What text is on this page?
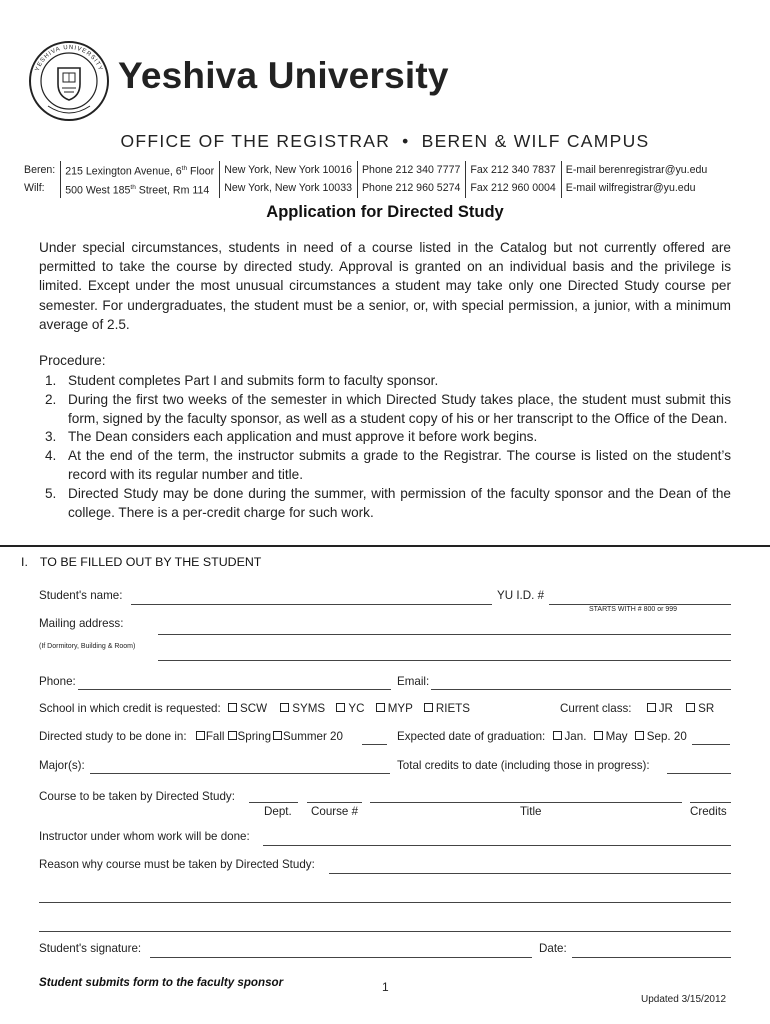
YESHIVA UNIVERSITY Yeshiva University
OFFICE OF THE REGISTRAR • BEREN & WILF CAMPUS
Beren:	215 Lexington Avenue, 6th Floor	New York, New York 10016	Phone 212 340 7777	Fax 212 340 7837	E-mail berenregistrar@yu.edu
Wilf:	500 West 185th Street, Rm 114	New York, New York 10033	Phone 212 960 5274	Fax 212 960 0004	E-mail wilfregistrar@yu.edu
Application for Directed Study
Under special circumstances, students in need of a course listed in the Catalog but not currently offered are permitted to take the course by directed study. Approval is granted on an individual basis and the privilege is limited. Except under the most unusual circumstances a student may take only one Directed Study course per semester. For undergraduates, the student must be a senior, or, with special permission, a junior, with a minimum average of 2.5.
Procedure:
1. Student completes Part I and submits form to faculty sponsor.
2. During the first two weeks of the semester in which Directed Study takes place, the student must submit this form, signed by the faculty sponsor, as well as a student copy of his or her transcript to the Office of the Dean.
3. The Dean considers each application and must approve it before work begins.
4. At the end of the term, the instructor submits a grade to the Registrar. The course is listed on the student’s record with its regular number and title.
5. Directed Study may be done during the summer, with permission of the faculty sponsor and the Dean of the college. There is a per-credit charge for such work.
I. TO BE FILLED OUT BY THE STUDENT
Student's name:	YU I.D. #
STARTS WITH # 800 or 999
Mailing address:
(If Dormitory, Building & Room)
Phone:	Email:
School in which credit is requested: SCW SYMS YC MYP RIETS	Current class: JR SR
Directed study to be done in: Fall Spring Summer 20	Expected date of graduation: Jan. May Sep. 20
Major(s):	Total credits to date (including those in progress):
Course to be taken by Directed Study:
Dept. Course #	Title	Credits
Instructor under whom work will be done:
Reason why course must be taken by Directed Study:
Student's signature:	Date:
Student submits form to the faculty sponsor	1
Updated 3/15/2012
